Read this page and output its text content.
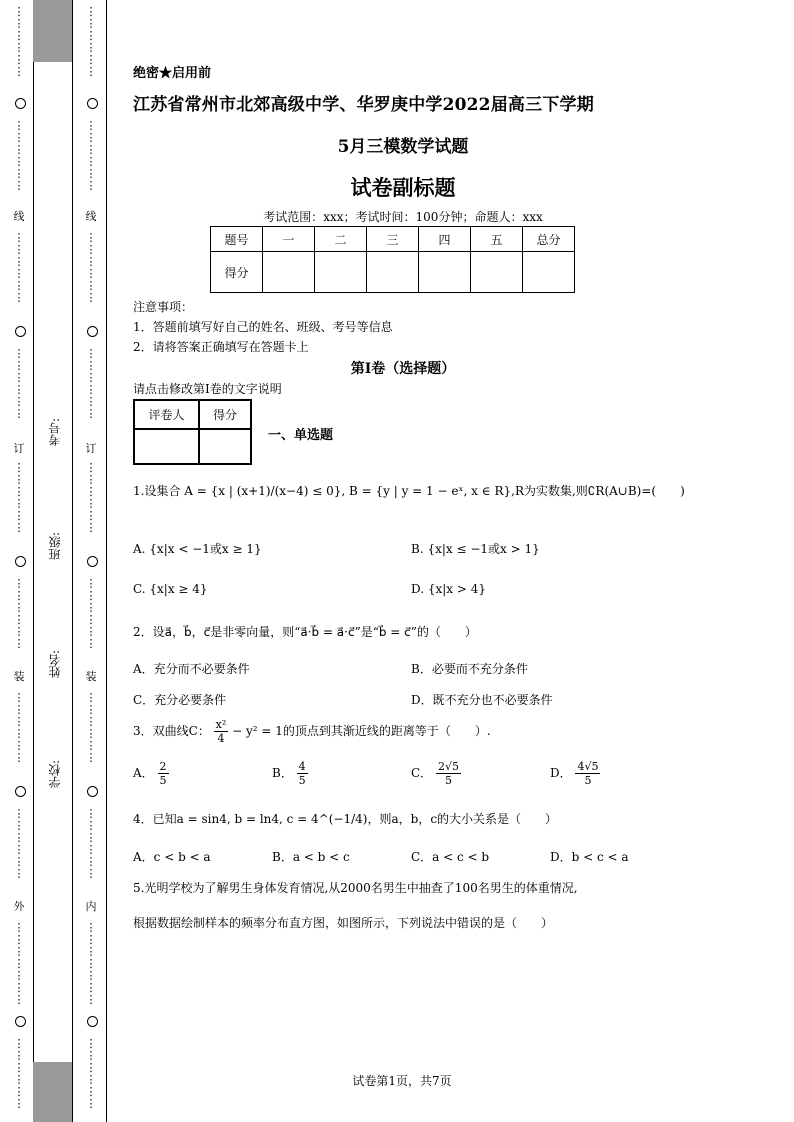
⋮
⋮
⋮
⋮
⋮
⋮
⋮
⋮
⋮
⋮
⋮
⋮
线
⋮
⋮
⋮
⋮
⋮
⋮
⋮
⋮
⋮
⋮
⋮
⋮
订
⋮
⋮
⋮
⋮
⋮
⋮
⋮
⋮
⋮
⋮
⋮
⋮
装
⋮
⋮
⋮
⋮
⋮
⋮
⋮
⋮
⋮
⋮
⋮
⋮
外
⋮
⋮
⋮
⋮
⋮
⋮
⋮
⋮
⋮
⋮
⋮
⋮
⋮
⋮
⋮
⋮
⋮
⋮
⋮
⋮
⋮
⋮
⋮
⋮
⋮
线
⋮
⋮
⋮
⋮
⋮
⋮
⋮
⋮
⋮
⋮
⋮
⋮
订
⋮
⋮
⋮
⋮
⋮
⋮
⋮
⋮
⋮
⋮
⋮
⋮
装
⋮
⋮
⋮
⋮
⋮
⋮
⋮
⋮
⋮
⋮
⋮
⋮
内
⋮
⋮
⋮
⋮
⋮
⋮
⋮
⋮
⋮
⋮
⋮
⋮
⋮
考号:
班级:
姓名:
学校:
绝密★启用前
江苏省常州市北郊高级中学、华罗庚中学2022届高三下学期
5月三模数学试题
试卷副标题
考试范围：xxx；考试时间：100分钟；命题人：xxx
题号	一	二	三	四	五	总分
得分						
注意事项：
1．答题前填写好自己的姓名、班级、考号等信息
2．请将答案正确填写在答题卡上
第I卷（选择题）
请点击修改第I卷的文字说明
评卷人	得分

一、单选题
1.设集合 A = {x | (x+1)/(x−4) ≤ 0}, B = {y | y = 1 − eˣ, x ∈ R},R为实数集,则∁R(A∪B)=(　　)
A. {x|x < −1或x ≥ 1}	B. {x|x ≤ −1或x > 1}
C. {x|x ≥ 4}	D. {x|x > 4}
2．设a⃗，b⃗，c⃗是非零向量，则“a⃗·b⃗ = a⃗·c⃗”是“b⃗ = c⃗”的（　　）
A．充分而不必要条件	B．必要而不充分条件
C．充分必要条件	D．既不充分也不必要条件
3．双曲线C： $\frac{\text{x²}}{4} - y^2 = 1$的顶点到其渐近线的距离等于（　　）.
A． $\frac{2}{5}$	B． $\frac{4}{5}$	C． $\frac{2√5}{5}$	D． $\frac{4√5}{5}$
4．已知a = sin4, b = ln4, c = 4^(−1/4)，则a，b，c的大小关系是（　　）
A．c < b < a	B．a < b < c	C．a < c < b	D．b < c < a
5.光明学校为了解男生身体发育情况,从2000名男生中抽查了100名男生的体重情况,
根据数据绘制样本的频率分布直方图，如图所示，下列说法中错误的是（　　）
试卷第1页，共7页
